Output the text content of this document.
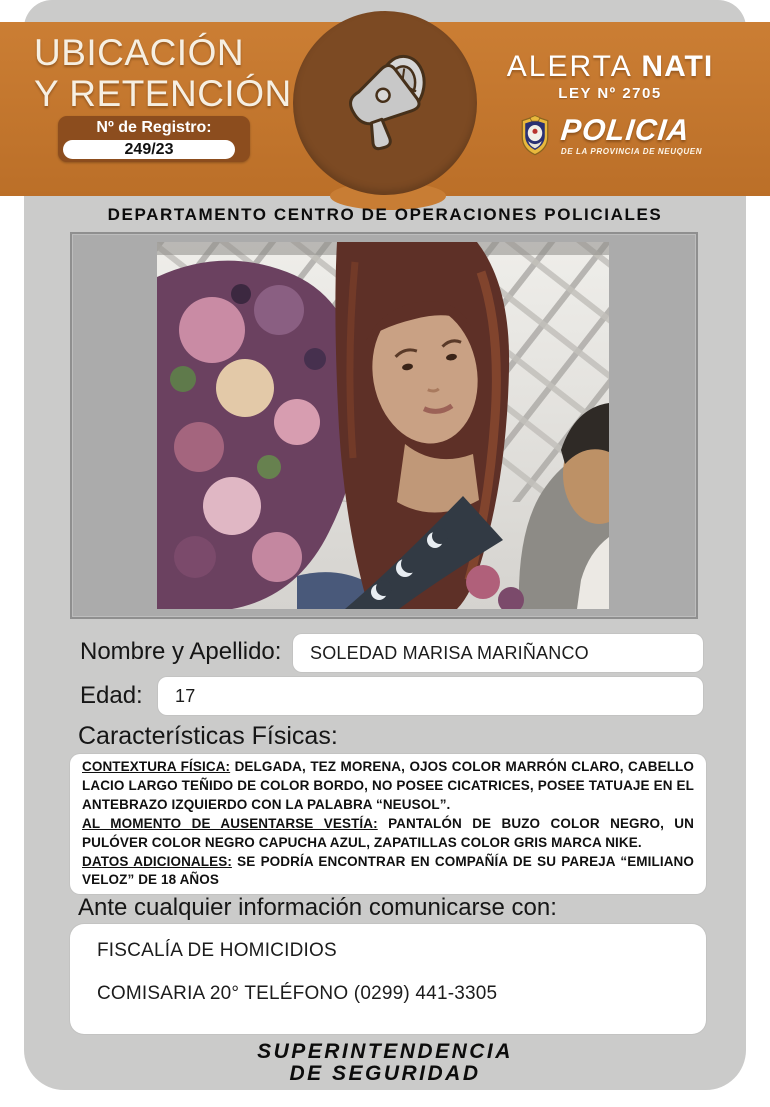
UBICACIÓN
Y RETENCIÓN
Nº de Registro:
249/23
ALERTA NATI
LEY Nº 2705
POLICIA
DE LA PROVINCIA DE NEUQUEN
DEPARTAMENTO CENTRO DE OPERACIONES POLICIALES
Nombre y Apellido:	SOLEDAD MARISA MARIÑANCO
Edad:	17
Características Físicas:

CONTEXTURA FÍSICA: DELGADA, TEZ MORENA, OJOS COLOR MARRÓN CLARO, CABELLO LACIO LARGO TEÑIDO DE COLOR BORDO, NO POSEE CICATRICES, POSEE TATUAJE EN EL ANTEBRAZO IZQUIERDO CON LA PALABRA “NEUSOL”.

AL MOMENTO DE AUSENTARSE VESTÍA: PANTALÓN DE BUZO COLOR NEGRO, UN PULÓVER COLOR NEGRO CAPUCHA AZUL, ZAPATILLAS COLOR GRIS MARCA NIKE.

DATOS ADICIONALES: SE PODRÍA ENCONTRAR EN COMPAÑÍA DE SU PAREJA “EMILIANO VELOZ” DE 18 AÑOS

Ante cualquier información comunicarse con:
FISCALÍA DE HOMICIDIOS
COMISARIA 20° TELÉFONO (0299) 441-3305
SUPERINTENDENCIA
DE SEGURIDAD
